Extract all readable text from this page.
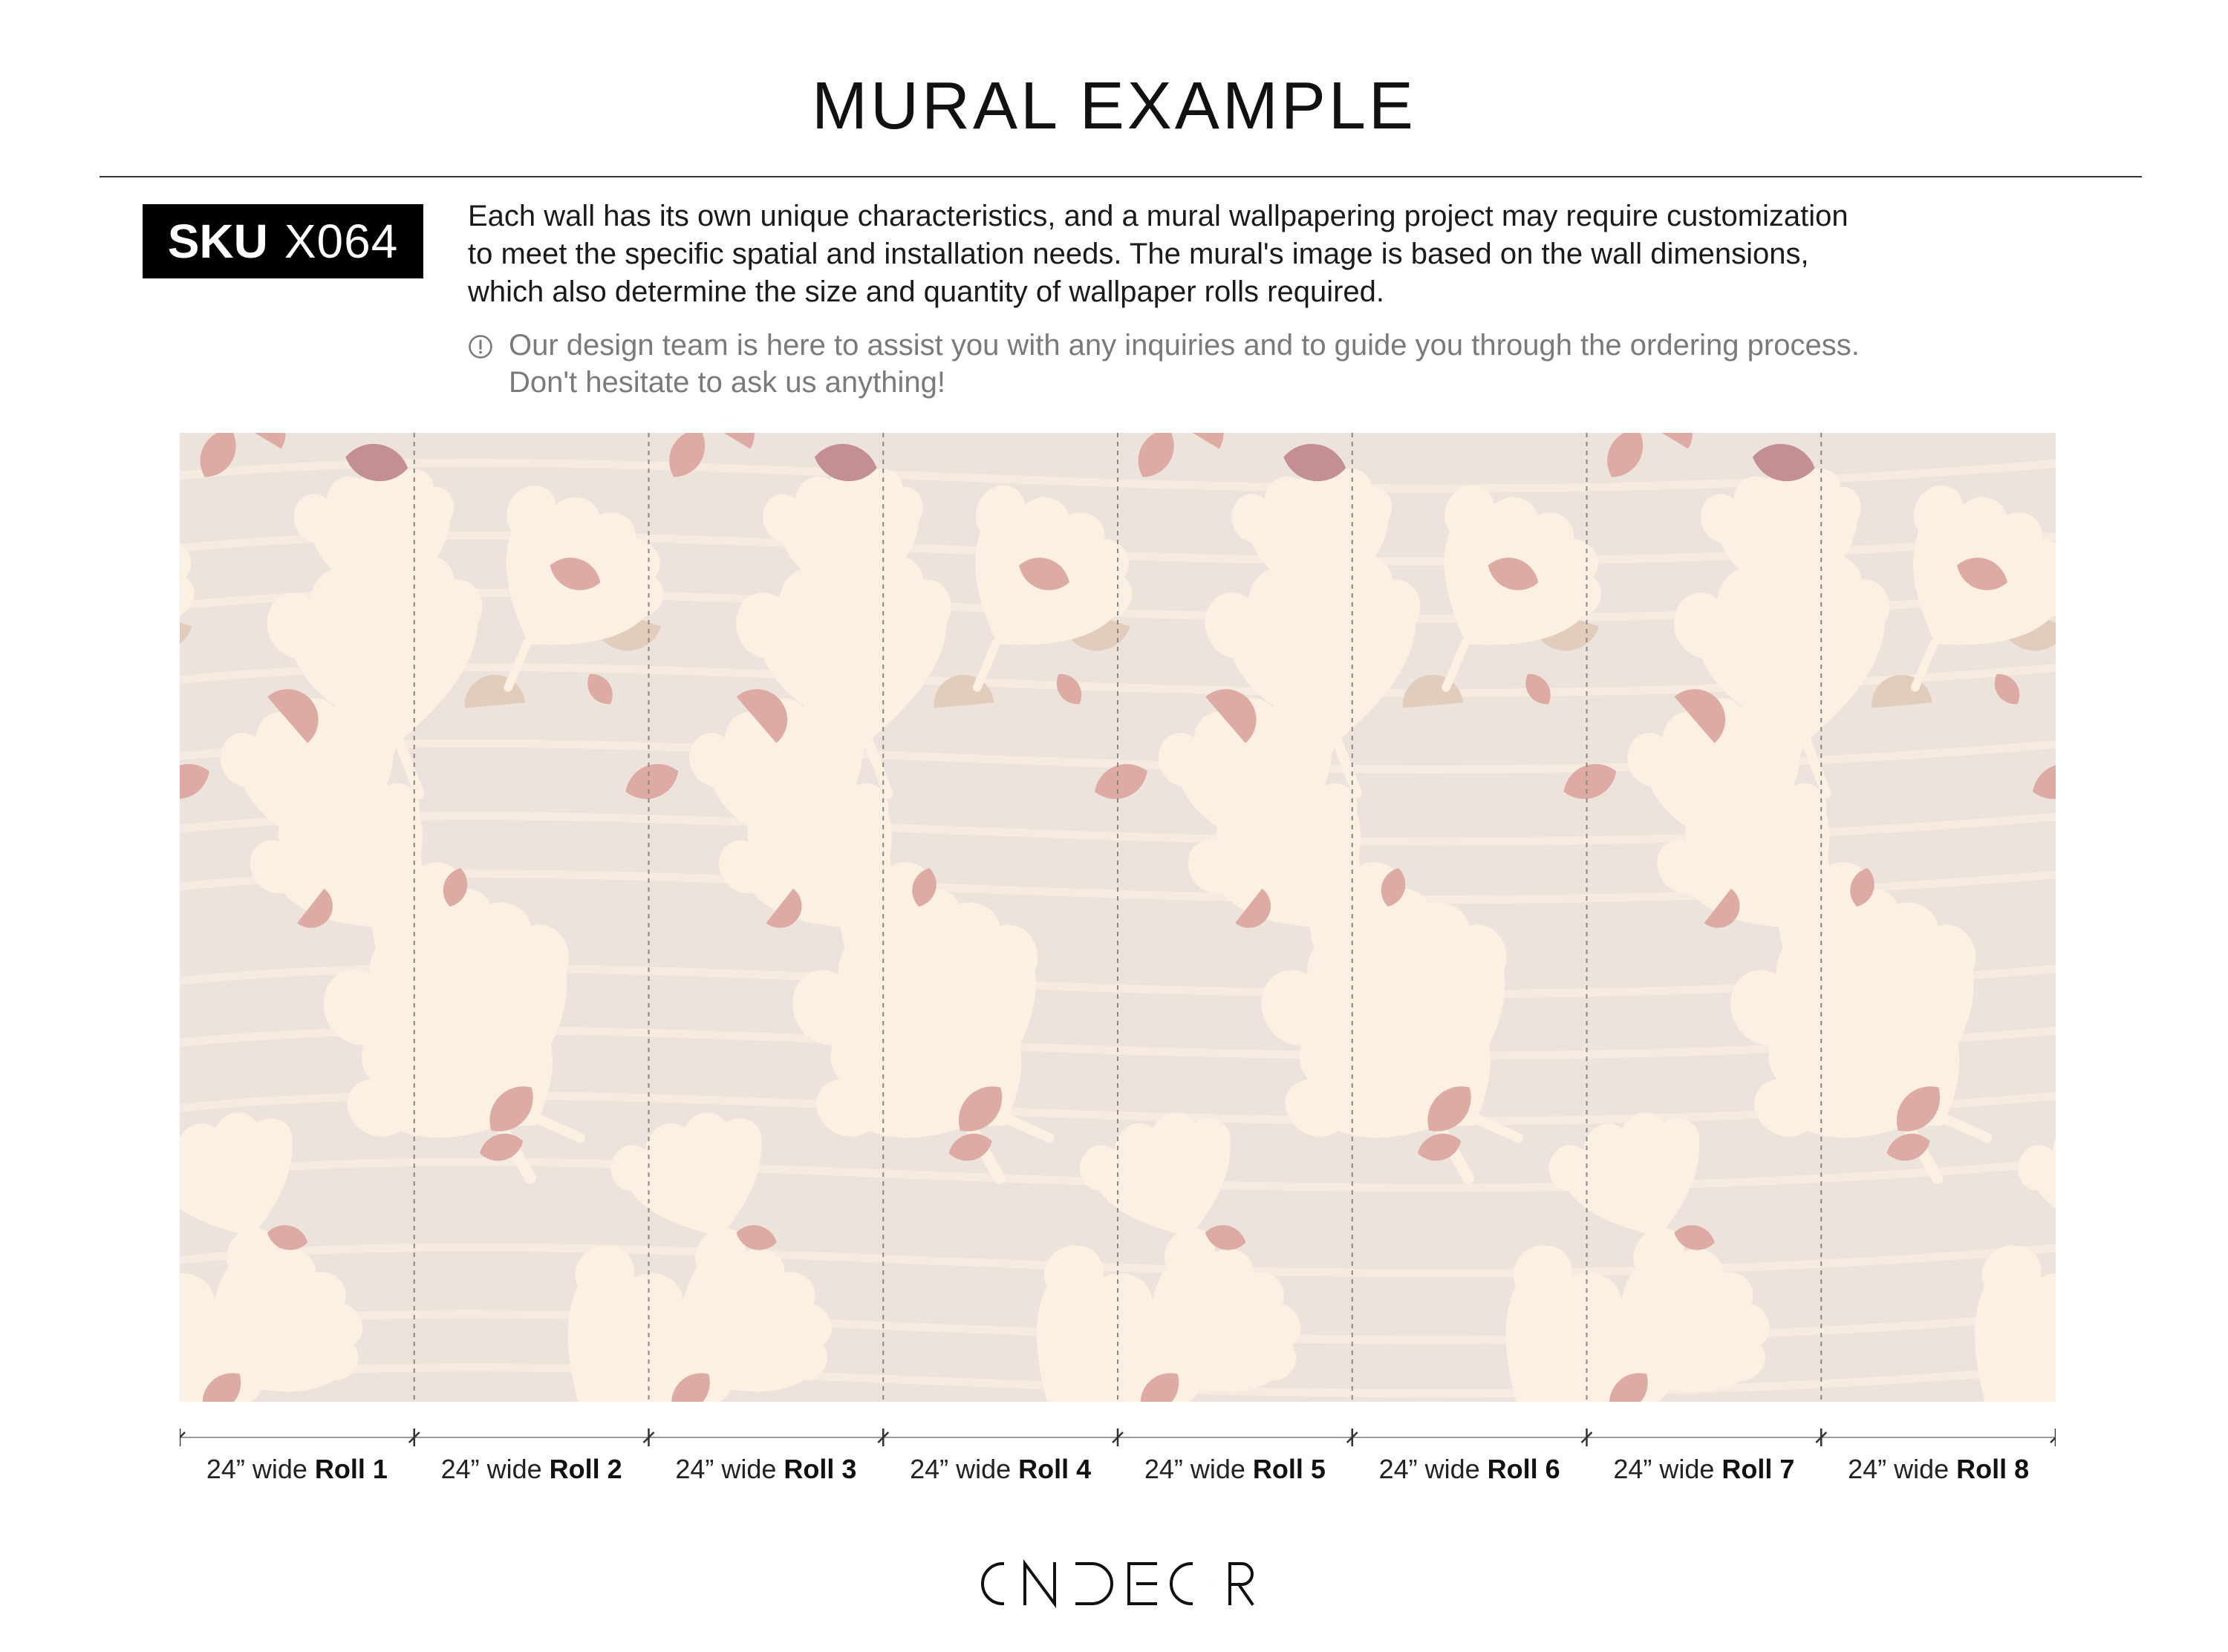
MURAL EXAMPLE
SKU X064 Each wall has its own unique characteristics, and a mural wallpapering project may require customization

to meet the specific spatial and installation needs. The mural's image is based on the wall dimensions,

which also determine the size and quantity of wallpaper rolls required.

Our design team is here to assist you with any inquiries and to guide you through the ordering process.

Don't hesitate to ask us anything!

24” wide Roll 1	24” wide Roll 2	24” wide Roll 3	24” wide Roll 4	24” wide Roll 5	24” wide Roll 6	24” wide Roll 7	24” wide Roll 8
